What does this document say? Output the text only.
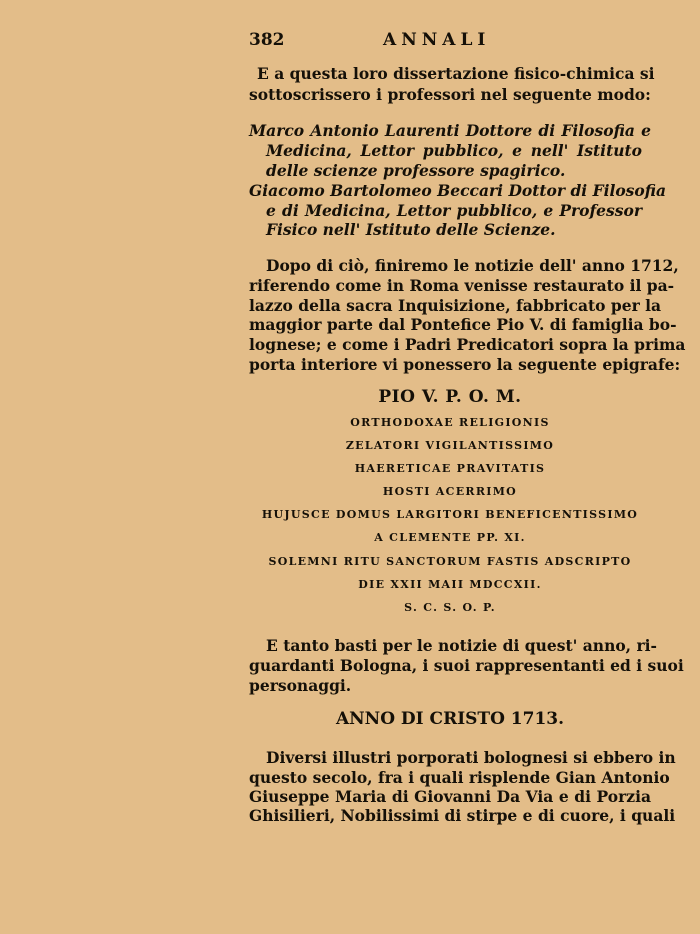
382	ANNALI
E a questa loro dissertazione fisico-chimica si
sottoscrissero i professori nel seguente modo:
Marco Antonio Laurenti Dottore di Filosofia e
Medicina, Lettor pubblico, e nell' Istituto
delle scienze professore spagirico.
Giacomo Bartolomeo Beccari Dottor di Filosofia
e di Medicina, Lettor pubblico, e Professor
Fisico nell' Istituto delle Scienze.
Dopo di ciò, finiremo le notizie dell' anno 1712,
riferendo come in Roma venisse restaurato il pa-
lazzo della sacra Inquisizione, fabbricato per la
maggior parte dal Pontefice Pio V. di famiglia bo-
lognese; e come i Padri Predicatori sopra la prima
porta interiore vi ponessero la seguente epigrafe:
PIO V. P. O. M.
ORTHODOXAE RELIGIONIS
ZELATORI VIGILANTISSIMO
HAERETICAE PRAVITATIS
HOSTI ACERRIMO
HUJUSCE DOMUS LARGITORI BENEFICENTISSIMO
A CLEMENTE PP. XI.
SOLEMNI RITU SANCTORUM FASTIS ADSCRIPTO
DIE XXII MAII MDCCXII.
S. C. S. O. P.
E tanto basti per le notizie di quest' anno, ri-
guardanti Bologna, i suoi rappresentanti ed i suoi
personaggi.
ANNO DI CRISTO 1713.
Diversi illustri porporati bolognesi si ebbero in
questo secolo, fra i quali risplende Gian Antonio
Giuseppe Maria di Giovanni Da Via e di Porzia
Ghisilieri, Nobilissimi di stirpe e di cuore, i quali
